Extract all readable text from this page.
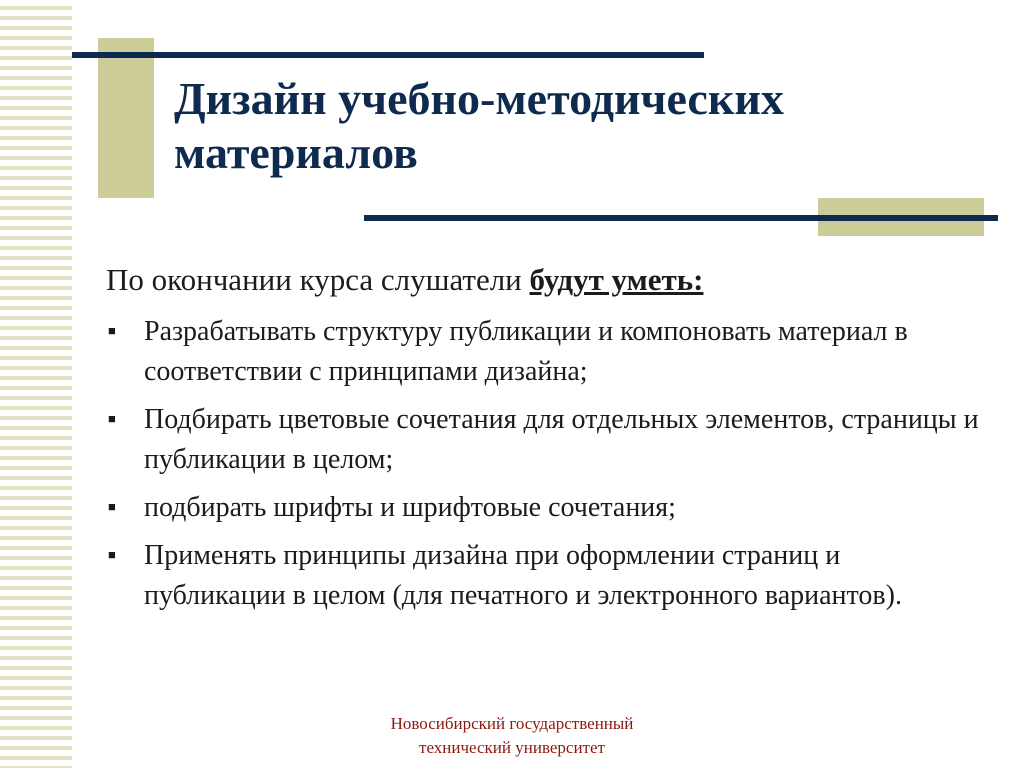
Дизайн учебно-методических материалов

По окончании курса слушатели будут уметь:

■ Разрабатывать структуру публикации и компоновать материал в соответствии с принципами дизайна;
■ Подбирать цветовые сочетания для отдельных элементов, страницы и публикации в целом;
■ подбирать шрифты и шрифтовые сочетания;
■ Применять принципы дизайна при оформлении страниц и публикации в целом (для печатного и электронного вариантов).
Новосибирский государственный
технический университет
